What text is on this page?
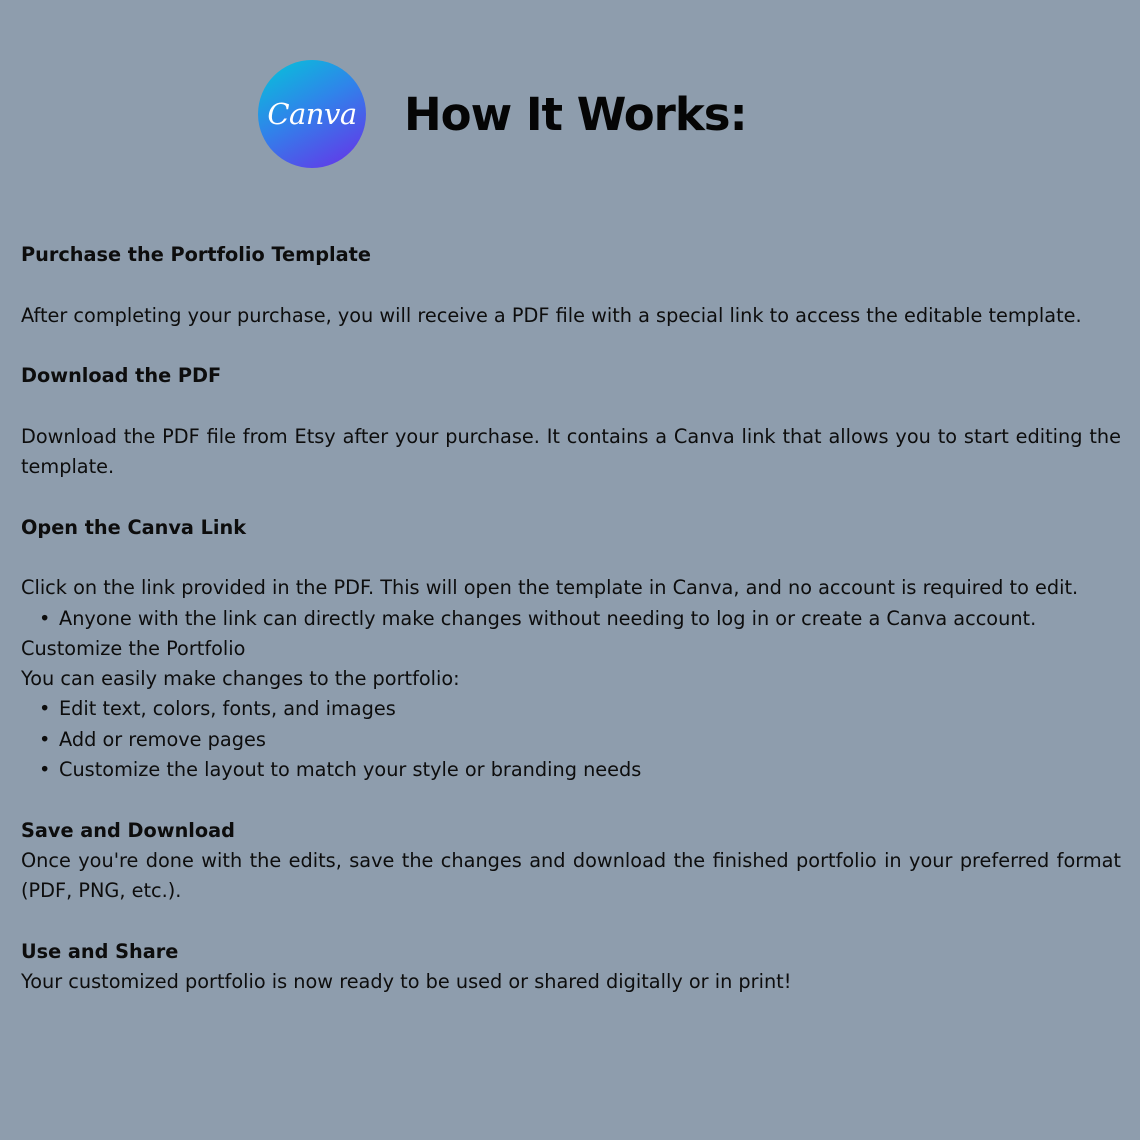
Canva How It Works:

Purchase the Portfolio Template

After completing your purchase, you will receive a PDF file with a special link to access the editable template.

Download the PDF

Download the PDF file from Etsy after your purchase. It contains a Canva link that allows you to start editing the template.

Open the Canva Link

Click on the link provided in the PDF. This will open the template in Canva, and no account is required to edit.

• Anyone with the link can directly make changes without needing to log in or create a Canva account.

Customize the Portfolio

You can easily make changes to the portfolio:

• Edit text, colors, fonts, and images
• Add or remove pages
• Customize the layout to match your style or branding needs

Save and Download

Once you're done with the edits, save the changes and download the finished portfolio in your preferred format (PDF, PNG, etc.).

Use and Share

Your customized portfolio is now ready to be used or shared digitally or in print!
